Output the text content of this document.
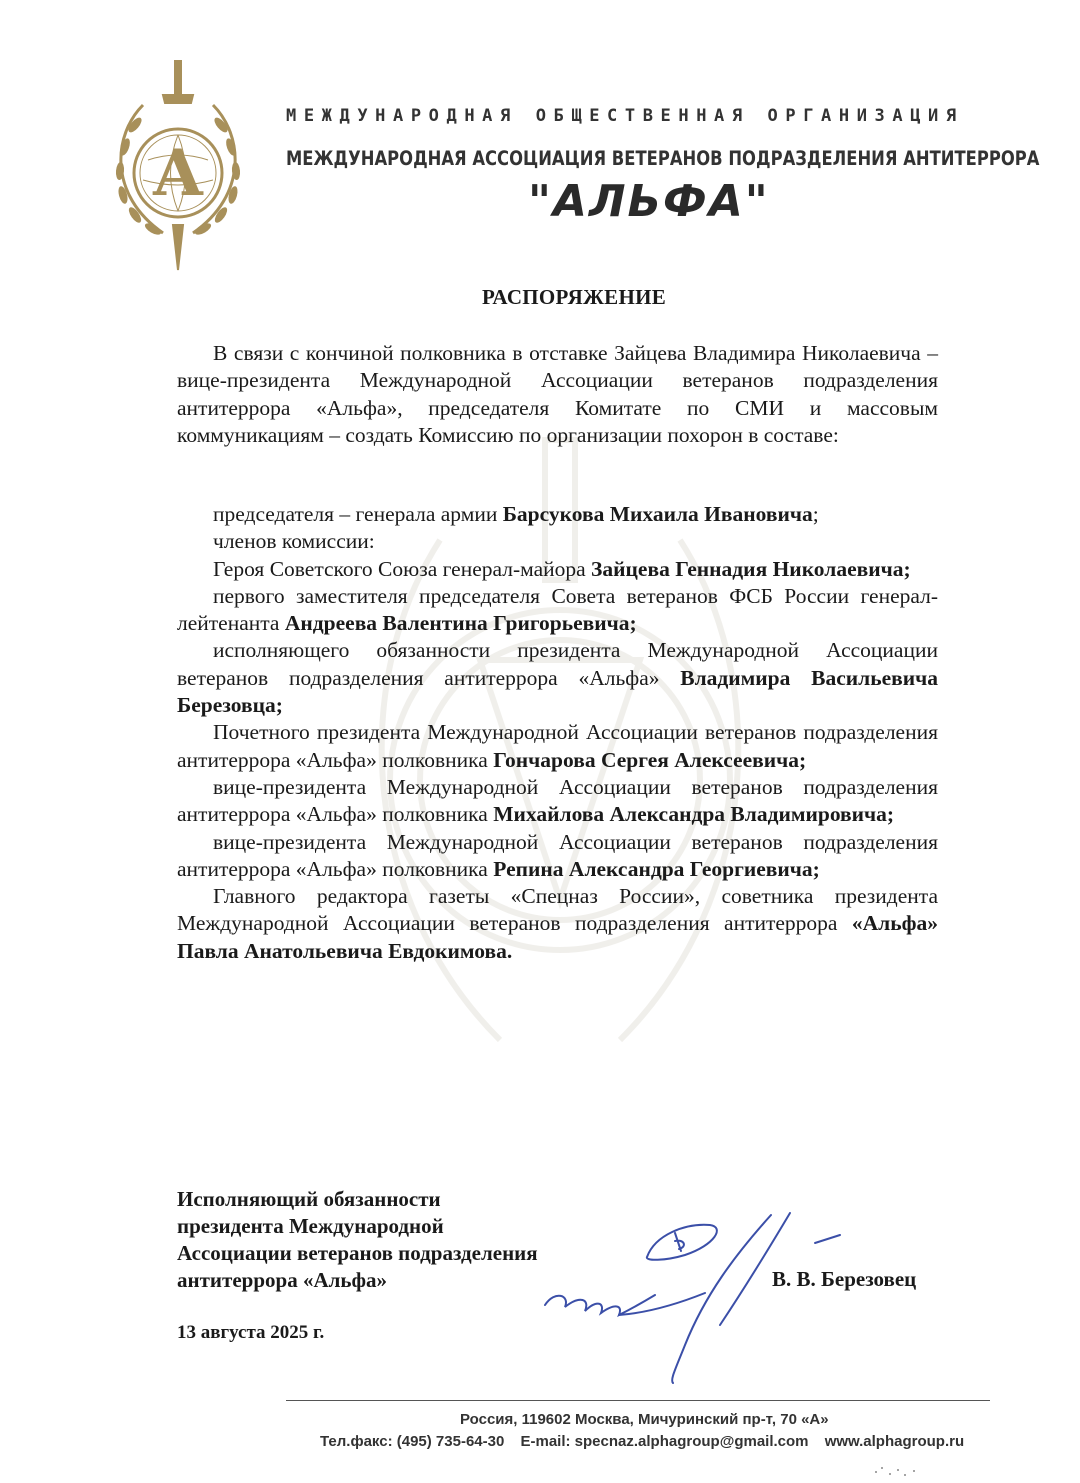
А
МЕЖДУНАРОДНАЯ ОБЩЕСТВЕННАЯ ОРГАНИЗАЦИЯ
МЕЖДУНАРОДНАЯ АССОЦИАЦИЯ ВЕТЕРАНОВ ПОДРАЗДЕЛЕНИЯ АНТИТЕРРОРА
"АЛЬФА"
РАСПОРЯЖЕНИЕ

В связи с кончиной полковника в отставке Зайцева Владимира Николаевича – вице-президента Международной Ассоциации ветеранов подразделения антитеррора «Альфа», председателя Комитате по СМИ и массовым коммуникациям – создать Комиссию по организации похорон в составе:

председателя – генерала армии Барсукова Михаила Ивановича;

членов комиссии:

Героя Советского Союза генерал-майора Зайцева Геннадия Николаевича;

первого заместителя председателя Совета ветеранов ФСБ России генерал-лейтенанта Андреева Валентина Григорьевича;

исполняющего обязанности президента Международной Ассоциации ветеранов подразделения антитеррора «Альфа» Владимира Васильевича Березовца;

Почетного президента Международной Ассоциации ветеранов подразделения антитеррора «Альфа» полковника Гончарова Сергея Алексеевича;

вице-президента Международной Ассоциации ветеранов подразделения антитеррора «Альфа» полковника Михайлова Александра Владимировича;

вице-президента Международной Ассоциации ветеранов подразделения антитеррора «Альфа» полковника Репина Александра Георгиевича;

Главного редактора газеты «Спецназ России», советника президента Международной Ассоциации ветеранов подразделения антитеррора «Альфа» Павла Анатольевича Евдокимова.

Исполняющий обязанности
президента Международной
Ассоциации ветеранов подразделения
антитеррора «Альфа»	В. В. Березовец
13 августа 2025 г.
Россия, 119602 Москва, Мичуринский пр-т, 70 «А»
Тел.факс: (495) 735-64-30 E-mail: specnaz.alphagroup@gmail.com www.alphagroup.ru
